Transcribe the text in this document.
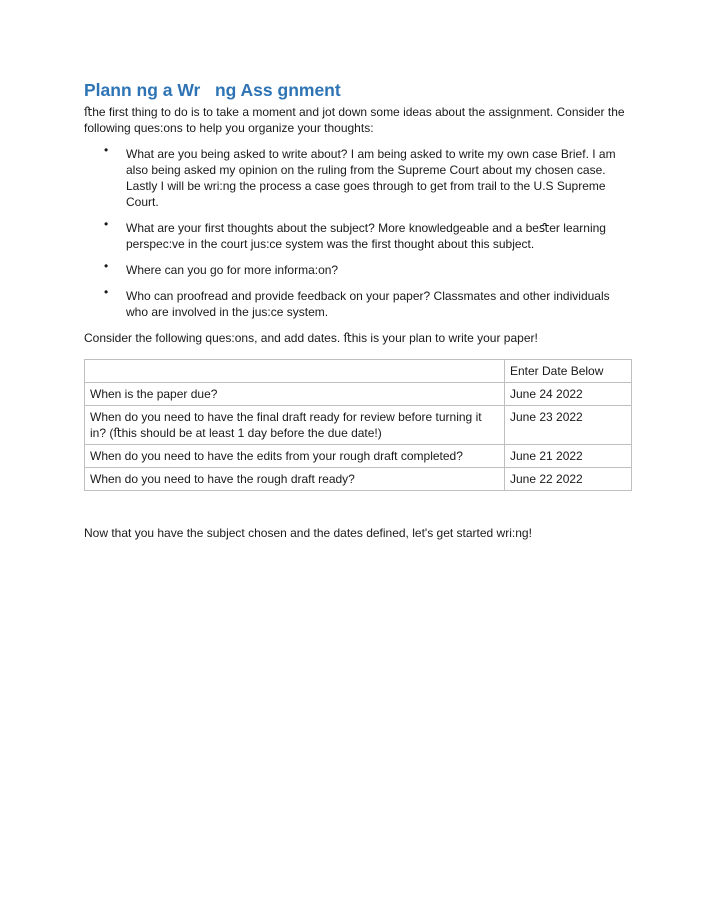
Plann ng a Wr   ng Ass gnment

ﬅhe first thing to do is to take a moment and jot down some ideas about the assignment. Consider the following ques:ons to help you organize your thoughts:

• What are you being asked to write about? I am being asked to write my own case Brief. I am also being asked my opinion on the ruling from the Supreme Court about my chosen case. Lastly I will be wri:ng the process a case goes through to get from trail to the U.S Supreme Court.
• What are your first thoughts about the subject? More knowledgeable and a beﬆer learning perspec:ve in the court jus:ce system was the first thought about this subject.
• Where can you go for more informa:on?
• Who can proofread and provide feedback on your paper? Classmates and other individuals who are involved in the jus:ce system.

Consider the following ques:ons, and add dates. ﬅhis is your plan to write your paper!

	Enter Date Below
When is the paper due?	June 24 2022
When do you need to have the final draft ready for review before turning it in? (ﬅhis should be at least 1 day before the due date!)	June 23 2022
When do you need to have the edits from your rough draft completed?	June 21 2022
When do you need to have the rough draft ready?	June 22 2022

Now that you have the subject chosen and the dates defined, let's get started wri:ng!
